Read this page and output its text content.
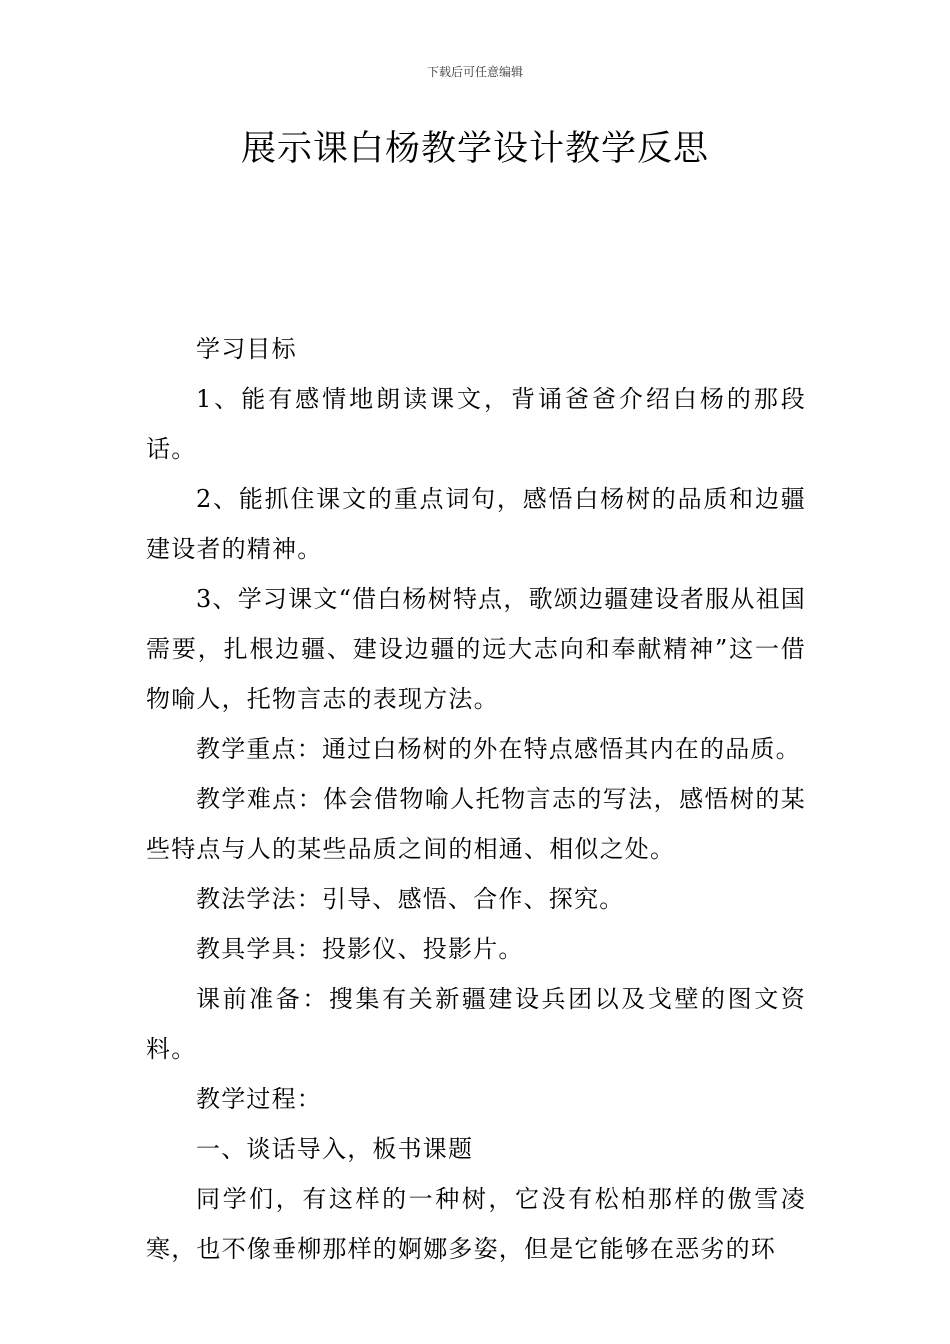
下载后可任意编辑
展示课白杨教学设计教学反思

学习目标

1、能有感情地朗读课文，背诵爸爸介绍白杨的那段话。

2、能抓住课文的重点词句，感悟白杨树的品质和边疆建设者的精神。

3、学习课文“借白杨树特点，歌颂边疆建设者服从祖国需要，扎根边疆、建设边疆的远大志向和奉献精神”这一借物喻人，托物言志的表现方法。

教学重点：通过白杨树的外在特点感悟其内在的品质。

教学难点：体会借物喻人托物言志的写法，感悟树的某些特点与人的某些品质之间的相通、相似之处。

教法学法：引导、感悟、合作、探究。

教具学具：投影仪、投影片。

课前准备：搜集有关新疆建设兵团以及戈壁的图文资料。

教学过程：

一、谈话导入，板书课题

同学们，有这样的一种树，它没有松柏那样的傲雪凌寒，也不像垂柳那样的婀娜多姿，但是它能够在恶劣的环
